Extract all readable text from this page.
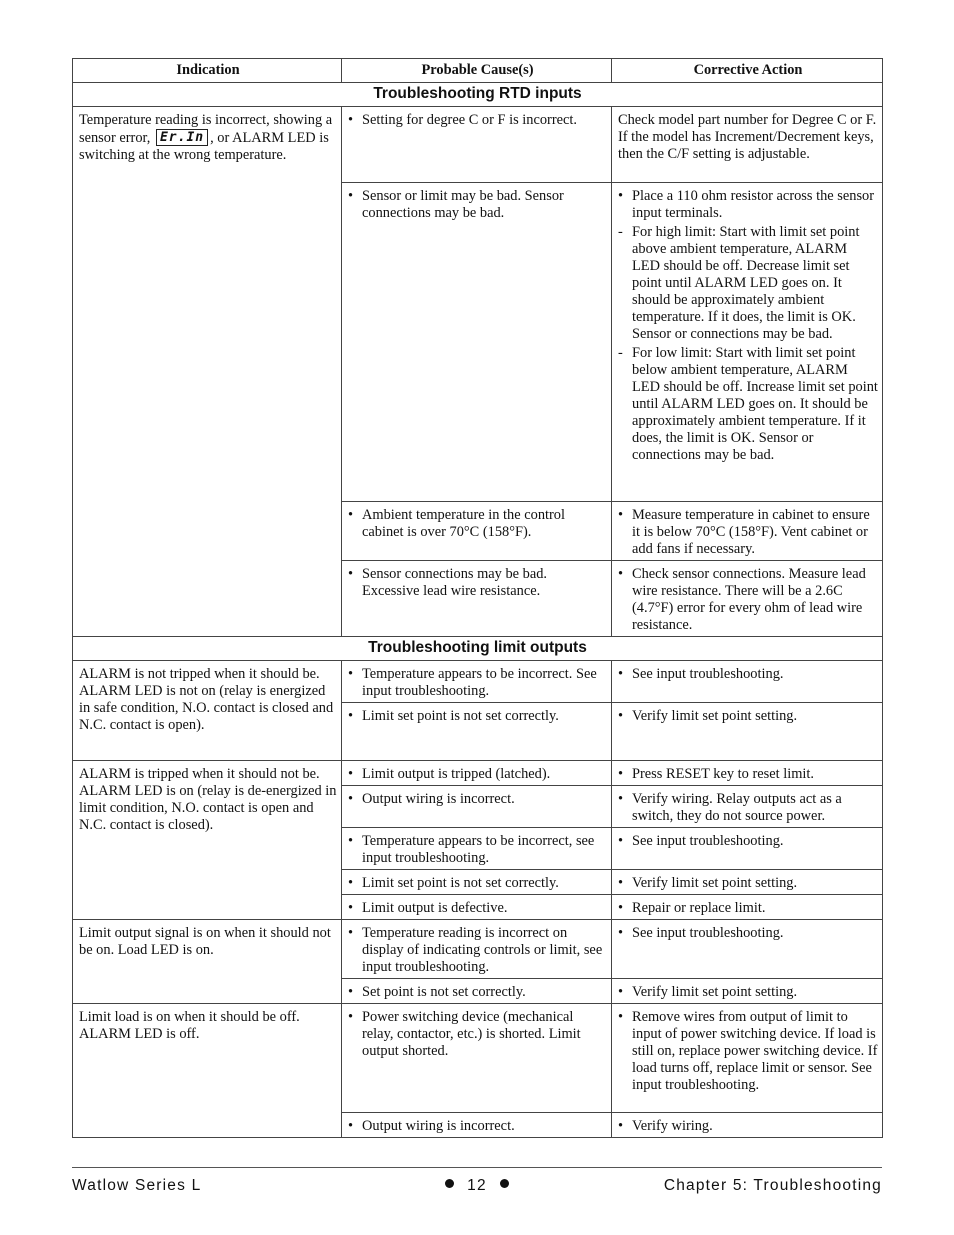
Indication	Probable Cause(s)	Corrective Action
Troubleshooting RTD inputs		
Temperature reading is incorrect, showing a sensor error, Er.In , or ALARM LED is switching at the wrong temperature.	• Setting for degree C or F is incorrect.	Check model part number for Degree C or F. If the model has Increment/Decrement keys, then the C/F setting is adjustable.

	• Sensor or limit may be bad. Sensor connections may be bad.	• Place a 110 ohm resistor across the sensor input terminals.
- For high limit: Start with limit set point above ambient temperature, ALARM LED should be off. Decrease limit set point until ALARM LED goes on. It should be approximately ambient temperature. If it does, the limit is OK. Sensor or connections may be bad.
- For low limit: Start with limit set point below ambient temperature, ALARM LED should be off. Increase limit set point until ALARM LED goes on. It should be approximately ambient temperature. If it does, the limit is OK. Sensor or connections may be bad.

	• Ambient temperature in the control cabinet is over 70°C (158°F).	• Measure temperature in cabinet to ensure it is below 70°C (158°F). Vent cabinet or add fans if necessary.

	• Sensor connections may be bad. Excessive lead wire resistance.	• Check sensor connections. Measure lead wire resistance. There will be a 2.6C (4.7°F) error for every ohm of lead wire resistance.

Troubleshooting limit outputs		

ALARM is not tripped when it should be. ALARM LED is not on (relay is energized in safe condition, N.O. contact is closed and N.C. contact is open).	• Temperature appears to be incorrect. See input troubleshooting.	• See input troubleshooting.

	• Limit set point is not set correctly.	• Verify limit set point setting.

ALARM is tripped when it should not be. ALARM LED is on (relay is de-energized in limit condition, N.O. contact is open and N.C. contact is closed).	• Limit output is tripped (latched).	• Press RESET key to reset limit.

	• Output wiring is incorrect.	• Verify wiring. Relay outputs act as a switch, they do not source power.

	• Temperature appears to be incorrect, see input troubleshooting.	• See input troubleshooting.

	• Limit set point is not set correctly.	• Verify limit set point setting.

	• Limit output is defective.	• Repair or replace limit.

Limit output signal is on when it should not be on. Load LED is on.	• Temperature reading is incorrect on display of indicating controls or limit, see input troubleshooting.	• See input troubleshooting.

	• Set point is not set correctly.	• Verify limit set point setting.

Limit load is on when it should be off. ALARM LED is off.	• Power switching device (mechanical relay, contactor, etc.) is shorted. Limit output shorted.	• Remove wires from output of limit to input of power switching device. If load is still on, replace power switching device. If load turns off, replace limit or sensor. See input troubleshooting.

	• Output wiring is incorrect.	• Verify wiring.
Watlow Series L	12	Chapter 5: Troubleshooting
